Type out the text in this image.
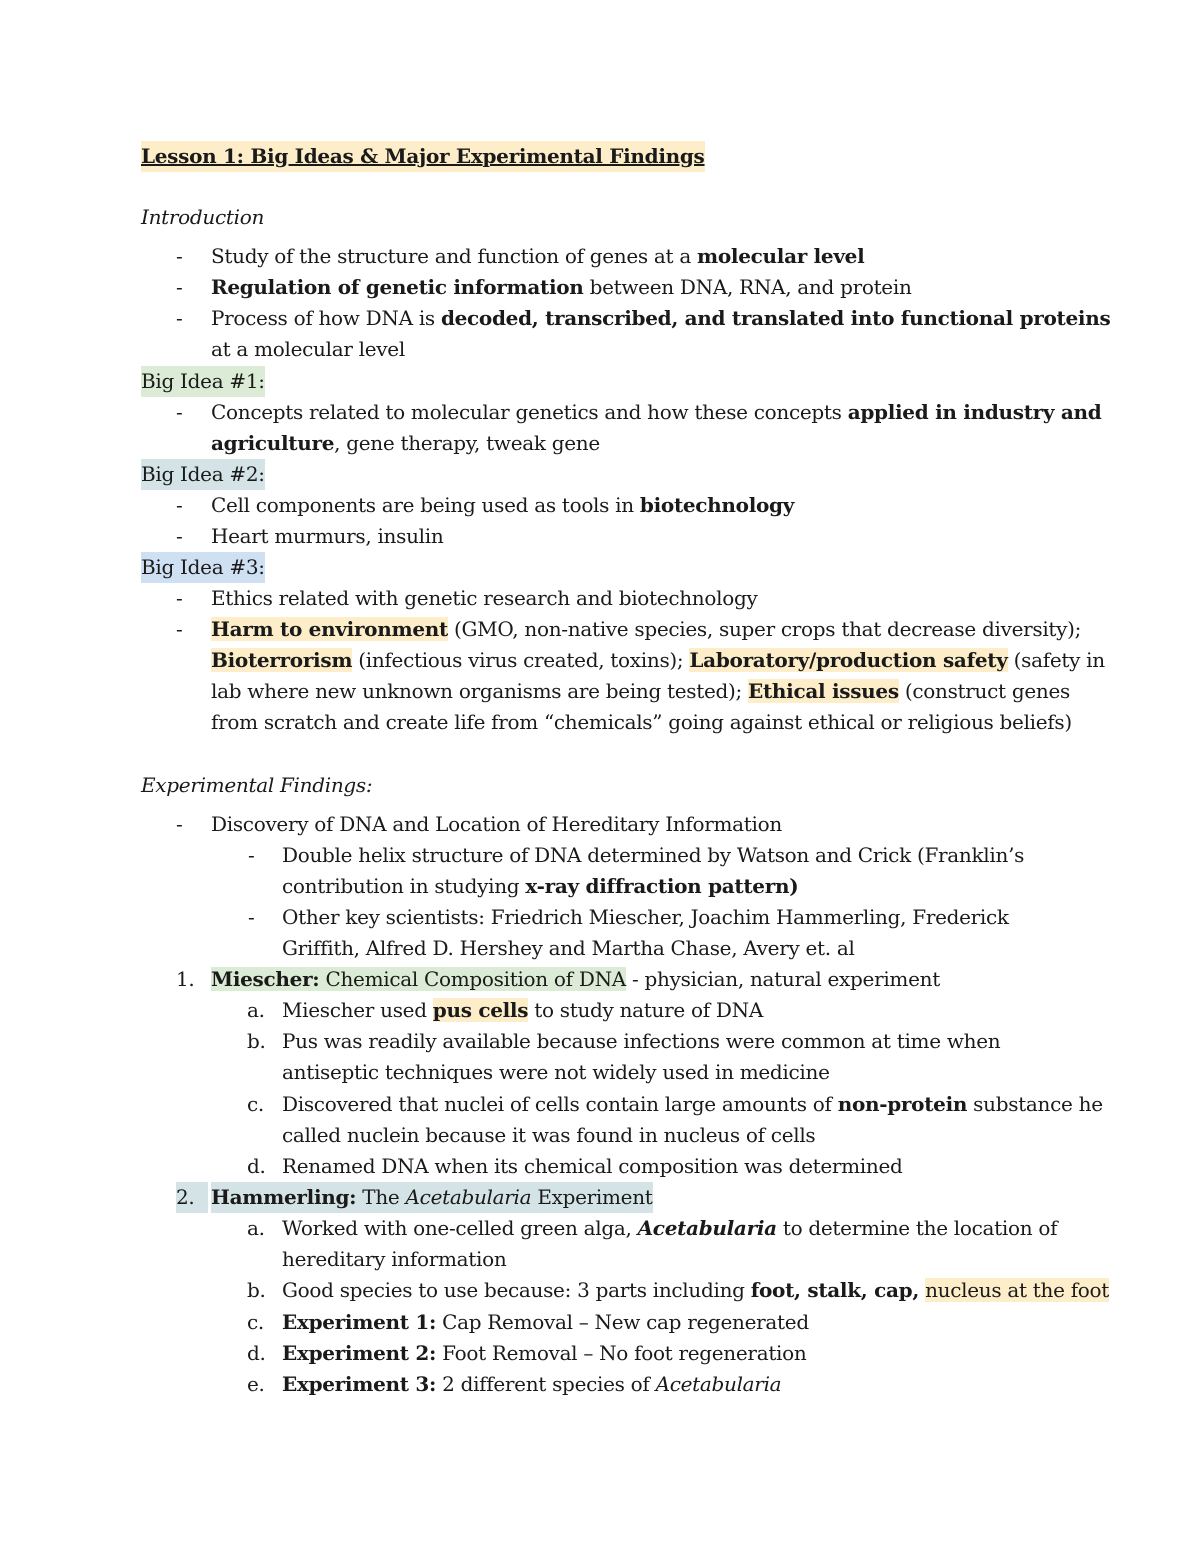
Lesson 1: Big Ideas & Major Experimental Findings
Introduction
- Study of the structure and function of genes at a molecular level
- Regulation of genetic information between DNA, RNA, and protein
- Process of how DNA is decoded, transcribed, and translated into functional proteins
at a molecular level
Big Idea #1:
- Concepts related to molecular genetics and how these concepts applied in industry and
agriculture, gene therapy, tweak gene
Big Idea #2:
- Cell components are being used as tools in biotechnology
- Heart murmurs, insulin
Big Idea #3:
- Ethics related with genetic research and biotechnology
- Harm to environment (GMO, non-native species, super crops that decrease diversity);
Bioterrorism (infectious virus created, toxins); Laboratory/production safety (safety in
lab where new unknown organisms are being tested); Ethical issues (construct genes
from scratch and create life from “chemicals” going against ethical or religious beliefs)
Experimental Findings:
- Discovery of DNA and Location of Hereditary Information
- Double helix structure of DNA determined by Watson and Crick (Franklin’s
contribution in studying x-ray diffraction pattern)
- Other key scientists: Friedrich Miescher, Joachim Hammerling, Frederick
Griffith, Alfred D. Hershey and Martha Chase, Avery et. al
1. Miescher: Chemical Composition of DNA - physician, natural experiment
a. Miescher used pus cells to study nature of DNA
b. Pus was readily available because infections were common at time when
antiseptic techniques were not widely used in medicine
c. Discovered that nuclei of cells contain large amounts of non-protein substance he
called nuclein because it was found in nucleus of cells
d. Renamed DNA when its chemical composition was determined
2. Hammerling: The Acetabularia Experiment
a. Worked with one-celled green alga, Acetabularia to determine the location of
hereditary information
b. Good species to use because: 3 parts including foot, stalk, cap, nucleus at the foot
c. Experiment 1: Cap Removal – New cap regenerated
d. Experiment 2: Foot Removal – No foot regeneration
e. Experiment 3: 2 different species of Acetabularia
